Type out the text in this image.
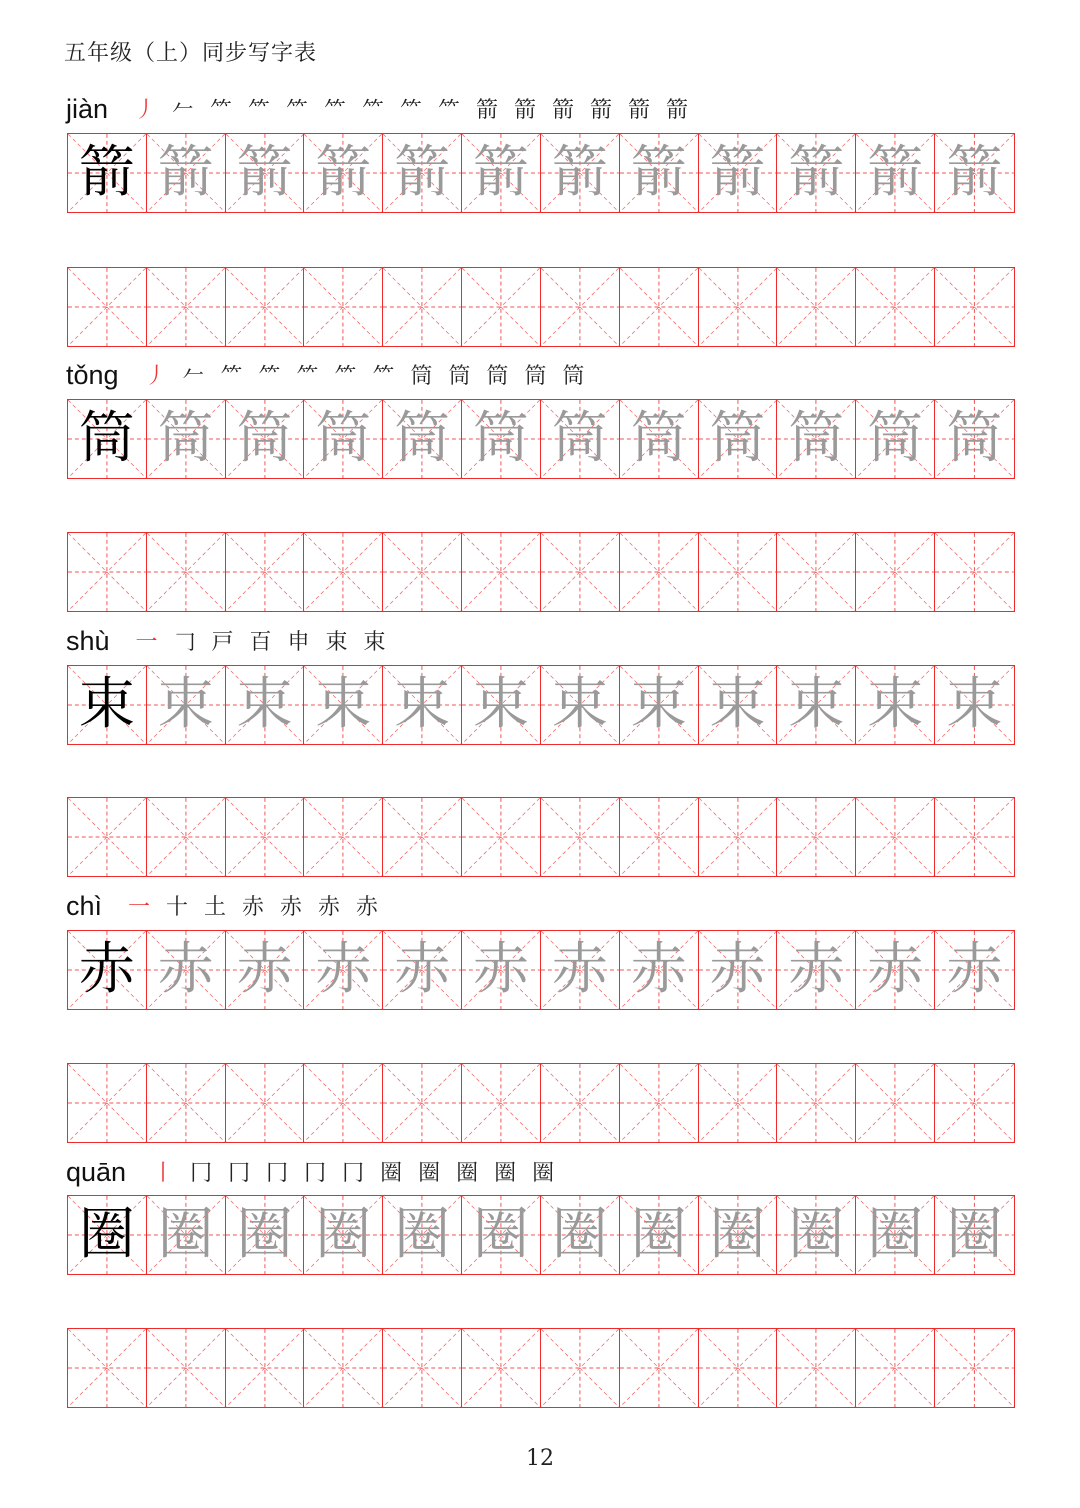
五年级（上）同步写字表
jiàn	丿 𠂉 ⺮ ⺮ ⺮ ⺮ ⺮ ⺮ ⺮ 箭 箭 箭 箭 箭 箭
箭 箭 箭 箭 箭 箭 箭 箭 箭 箭 箭 箭
tǒng	丿 𠂉 ⺮ ⺮ ⺮ ⺮ ⺮ 筒 筒 筒 筒 筒
筒 筒 筒 筒 筒 筒 筒 筒 筒 筒 筒 筒
shù	一 𠃌 戸 百 申 束 束
束 束 束 束 束 束 束 束 束 束 束 束
chì	一 十 土 赤 赤 赤 赤
赤 赤 赤 赤 赤 赤 赤 赤 赤 赤 赤 赤
quān	丨 冂 冂 冂 冂 冂 圈 圈 圈 圈 圈
圈 圈 圈 圈 圈 圈 圈 圈 圈 圈 圈 圈
12
